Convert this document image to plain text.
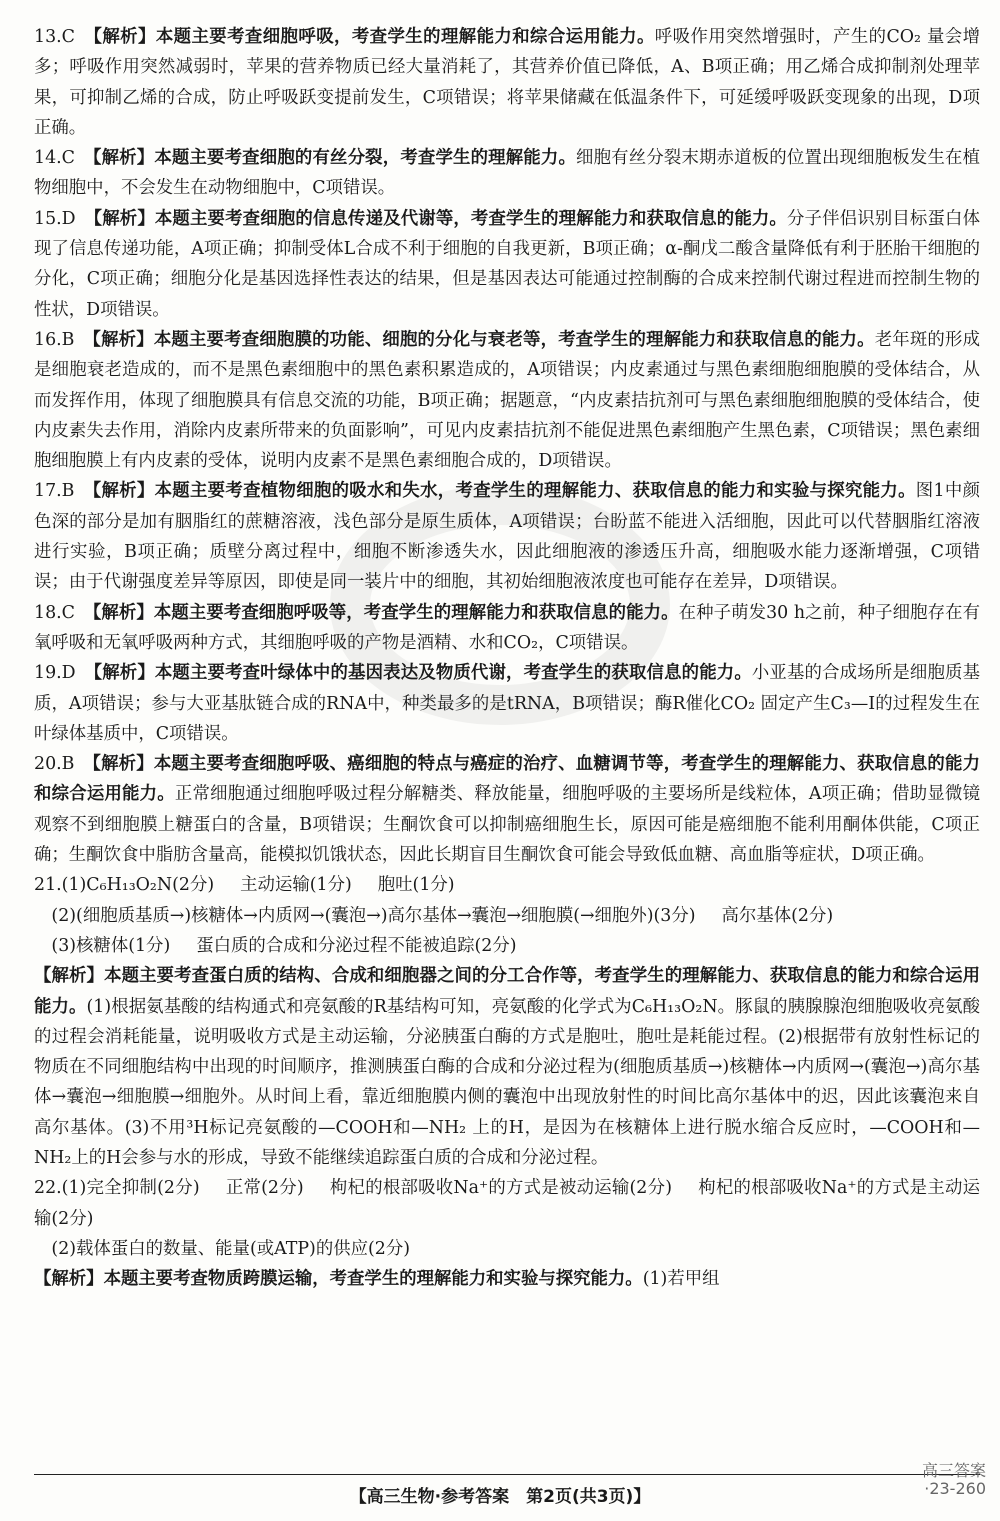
13.C　 【解析】本题主要考查细胞呼吸，考查学生的理解能力和综合运用能力。呼吸作用突然增强时，产生的CO₂ 量会增多；呼吸作用突然减弱时，苹果的营养物质已经大量消耗了，其营养价值已降低，A、B项正确；用乙烯合成抑制剂处理苹果，可抑制乙烯的合成，防止呼吸跃变提前发生，C项错误；将苹果储藏在低温条件下，可延缓呼吸跃变现象的出现，D项正确。

14.C　 【解析】本题主要考查细胞的有丝分裂，考查学生的理解能力。细胞有丝分裂末期赤道板的位置出现细胞板发生在植物细胞中，不会发生在动物细胞中，C项错误。

15.D　 【解析】本题主要考查细胞的信息传递及代谢等，考查学生的理解能力和获取信息的能力。分子伴侣识别目标蛋白体现了信息传递功能，A项正确；抑制受体L合成不利于细胞的自我更新，B项正确；α-酮戊二酸含量降低有利于胚胎干细胞的分化，C项正确；细胞分化是基因选择性表达的结果，但是基因表达可能通过控制酶的合成来控制代谢过程进而控制生物的性状，D项错误。

16.B　 【解析】本题主要考查细胞膜的功能、细胞的分化与衰老等，考查学生的理解能力和获取信息的能力。老年斑的形成是细胞衰老造成的，而不是黑色素细胞中的黑色素积累造成的，A项错误；内皮素通过与黑色素细胞细胞膜的受体结合，从而发挥作用，体现了细胞膜具有信息交流的功能，B项正确；据题意，“内皮素拮抗剂可与黑色素细胞细胞膜的受体结合，使内皮素失去作用，消除内皮素所带来的负面影响”，可见内皮素拮抗剂不能促进黑色素细胞产生黑色素，C项错误；黑色素细胞细胞膜上有内皮素的受体，说明内皮素不是黑色素细胞合成的，D项错误。

17.B　 【解析】本题主要考查植物细胞的吸水和失水，考查学生的理解能力、获取信息的能力和实验与探究能力。图1中颜色深的部分是加有胭脂红的蔗糖溶液，浅色部分是原生质体，A项错误；台盼蓝不能进入活细胞，因此可以代替胭脂红溶液进行实验，B项正确；质壁分离过程中，细胞不断渗透失水，因此细胞液的渗透压升高，细胞吸水能力逐渐增强，C项错误；由于代谢强度差异等原因，即使是同一装片中的细胞，其初始细胞液浓度也可能存在差异，D项错误。

18.C　 【解析】本题主要考查细胞呼吸等，考查学生的理解能力和获取信息的能力。在种子萌发30 h之前，种子细胞存在有氧呼吸和无氧呼吸两种方式，其细胞呼吸的产物是酒精、水和CO₂，C项错误。

19.D　 【解析】本题主要考查叶绿体中的基因表达及物质代谢，考查学生的获取信息的能力。小亚基的合成场所是细胞质基质，A项错误；参与大亚基肽链合成的RNA中，种类最多的是tRNA，B项错误；酶R催化CO₂ 固定产生C₃—Ⅰ的过程发生在叶绿体基质中，C项错误。

20.B　 【解析】本题主要考查细胞呼吸、癌细胞的特点与癌症的治疗、血糖调节等，考查学生的理解能力、获取信息的能力和综合运用能力。正常细胞通过细胞呼吸过程分解糖类、释放能量，细胞呼吸的主要场所是线粒体，A项正确；借助显微镜观察不到细胞膜上糖蛋白的含量，B项错误；生酮饮食可以抑制癌细胞生长，原因可能是癌细胞不能利用酮体供能，C项正确；生酮饮食中脂肪含量高，能模拟饥饿状态，因此长期盲目生酮饮食可能会导致低血糖、高血脂等症状，D项正确。

21.(1)C₆H₁₃O₂N(2分) 主动运输(1分) 胞吐(1分)

　(2)(细胞质基质→)核糖体→内质网→(囊泡→)高尔基体→囊泡→细胞膜(→细胞外)(3分) 高尔基体(2分)

　(3)核糖体(1分) 蛋白质的合成和分泌过程不能被追踪(2分)

【解析】本题主要考查蛋白质的结构、合成和细胞器之间的分工合作等，考查学生的理解能力、获取信息的能力和综合运用能力。(1)根据氨基酸的结构通式和亮氨酸的R基结构可知，亮氨酸的化学式为C₆H₁₃O₂N。豚鼠的胰腺腺泡细胞吸收亮氨酸的过程会消耗能量，说明吸收方式是主动运输，分泌胰蛋白酶的方式是胞吐，胞吐是耗能过程。(2)根据带有放射性标记的物质在不同细胞结构中出现的时间顺序，推测胰蛋白酶的合成和分泌过程为(细胞质基质→)核糖体→内质网→(囊泡→)高尔基体→囊泡→细胞膜→细胞外。从时间上看，靠近细胞膜内侧的囊泡中出现放射性的时间比高尔基体中的迟，因此该囊泡来自高尔基体。(3)不用³H标记亮氨酸的—COOH和—NH₂ 上的H，是因为在核糖体上进行脱水缩合反应时，—COOH和—NH₂上的H会参与水的形成，导致不能继续追踪蛋白质的合成和分泌过程。

22.(1)完全抑制(2分) 正常(2分) 枸杞的根部吸收Na⁺的方式是被动运输(2分) 枸杞的根部吸收Na⁺的方式是主动运输(2分)

　(2)载体蛋白的数量、能量(或ATP)的供应(2分)

【解析】本题主要考查物质跨膜运输，考查学生的理解能力和实验与探究能力。(1)若甲组

【高三生物·参考答案　第2页(共3页)】
高三答案
·23-260
